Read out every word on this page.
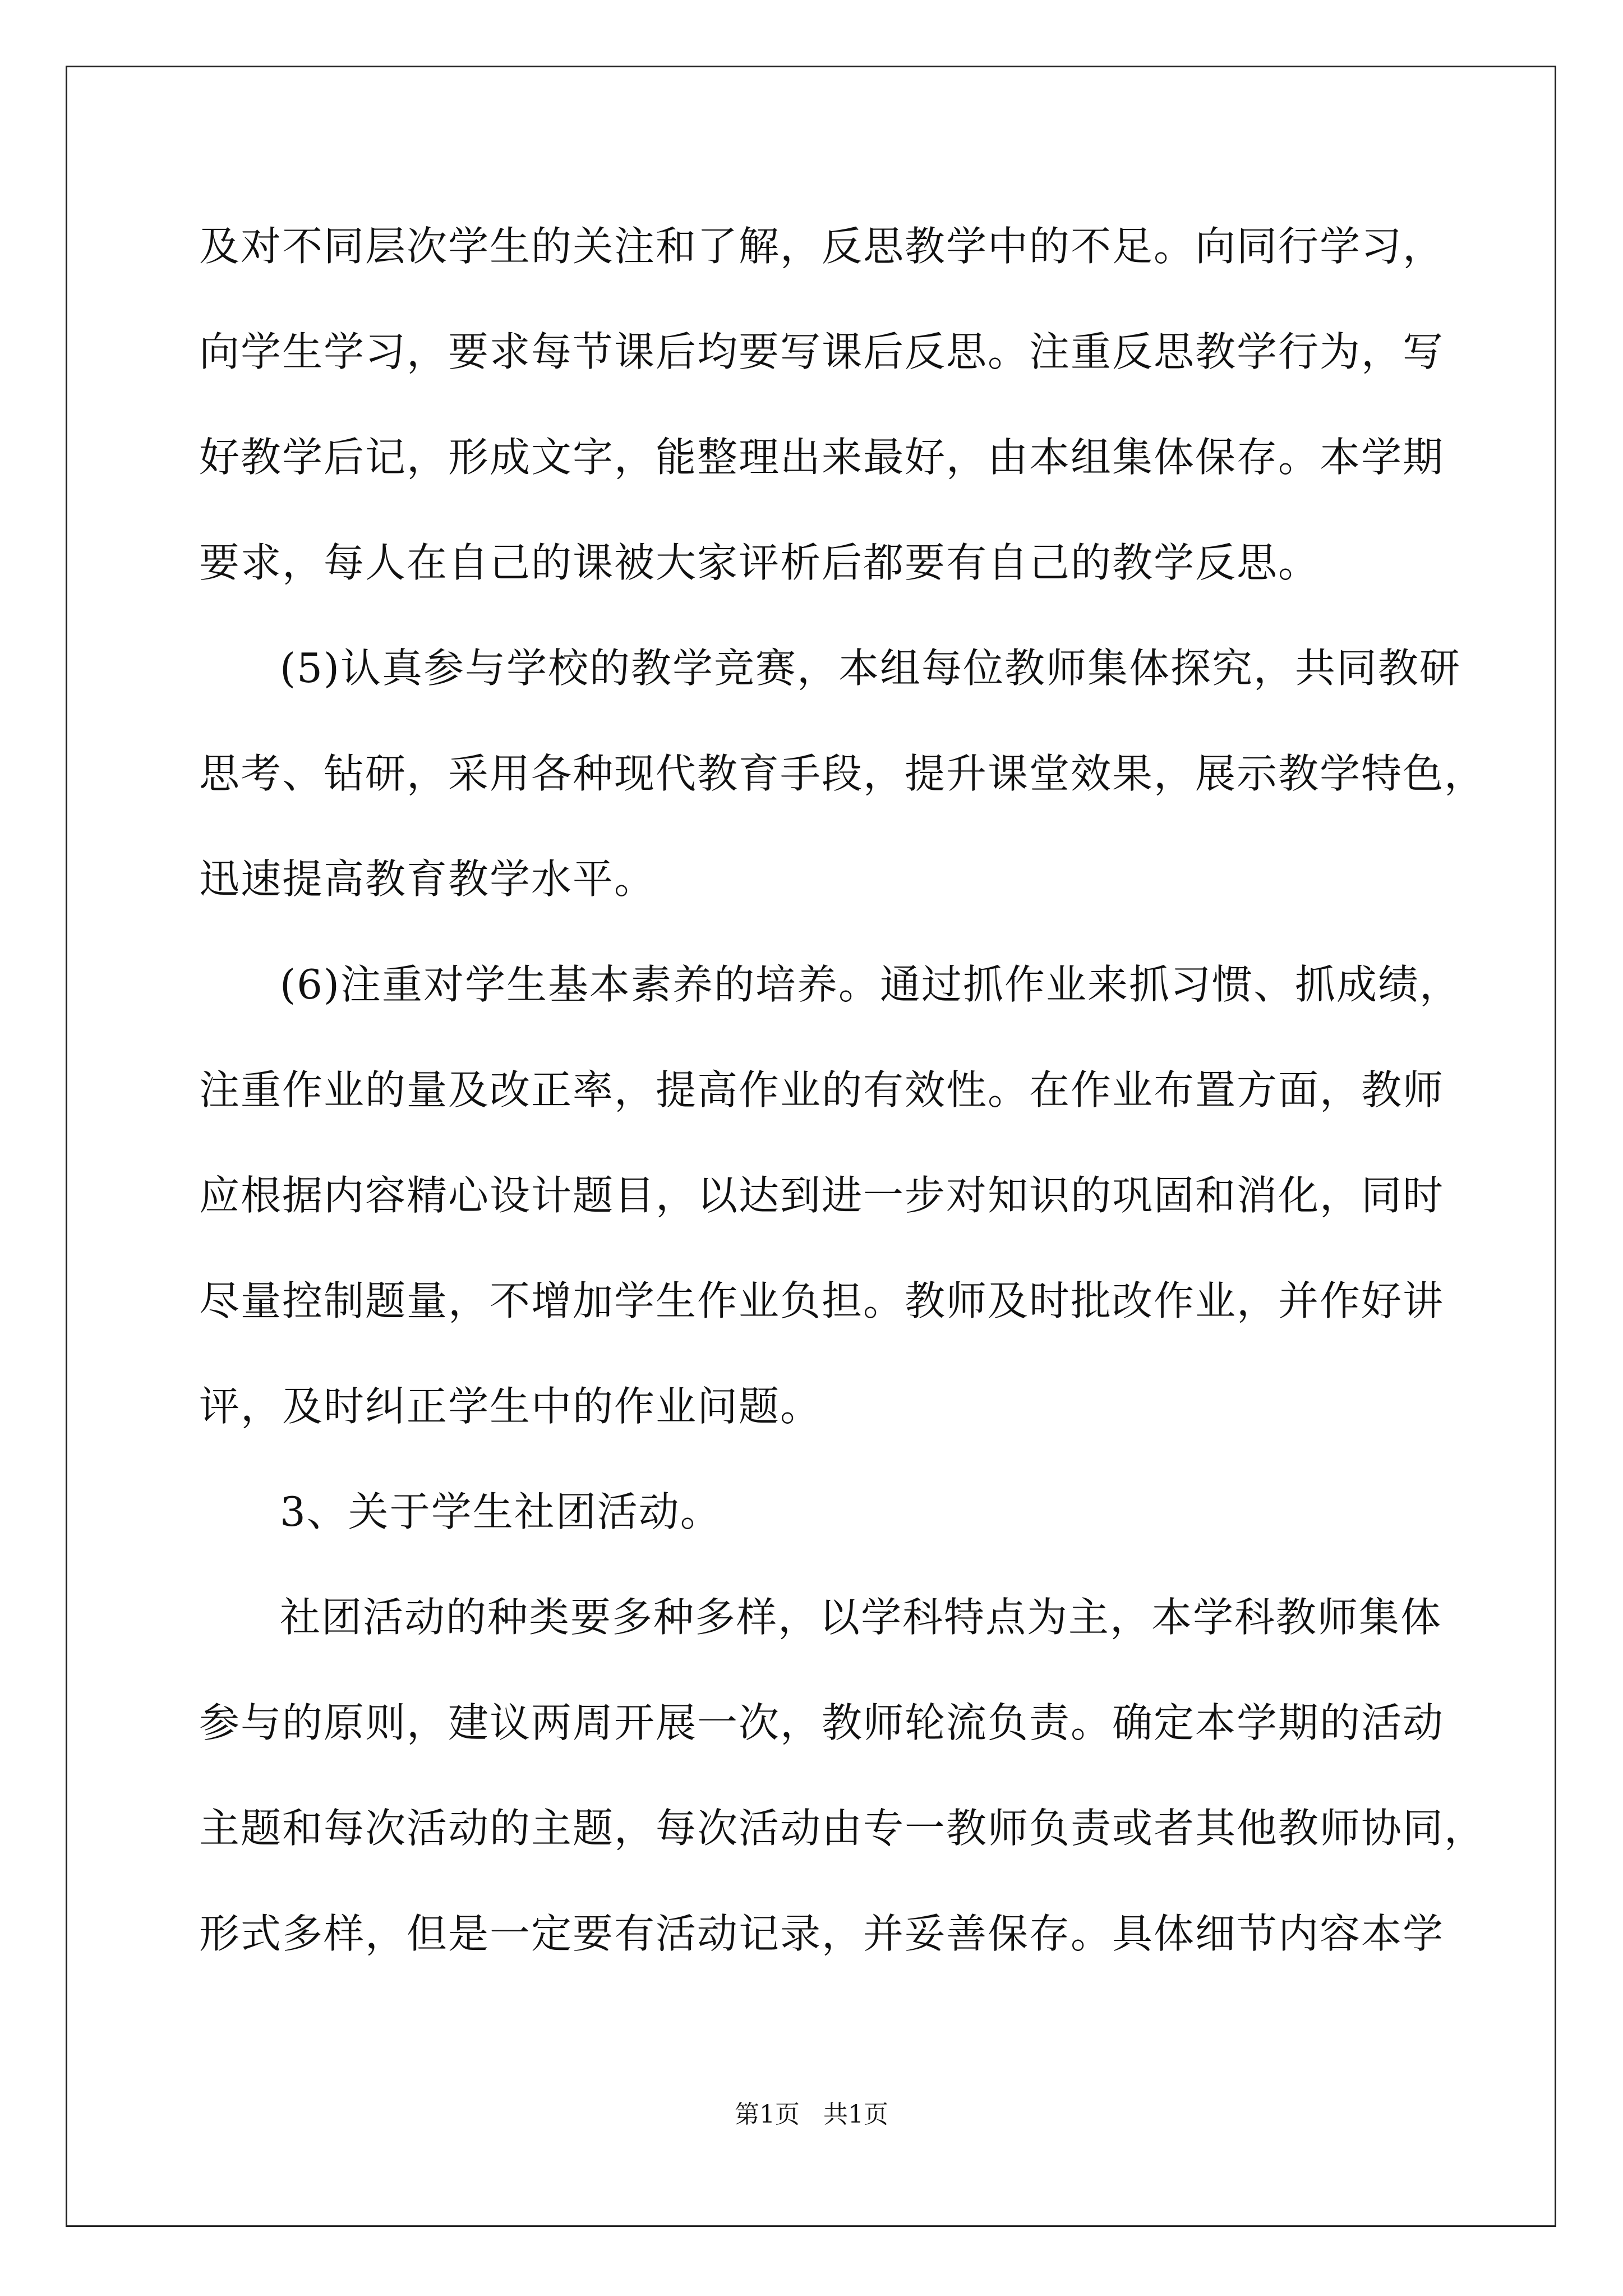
及对不同层次学生的关注和了解，反思教学中的不足。向同行学习，
向学生学习，要求每节课后均要写课后反思。注重反思教学行为，写
好教学后记，形成文字，能整理出来最好，由本组集体保存。本学期
要求，每人在自己的课被大家评析后都要有自己的教学反思。
(5)认真参与学校的教学竞赛，本组每位教师集体探究，共同教研
思考、钻研，采用各种现代教育手段，提升课堂效果，展示教学特色，
迅速提高教育教学水平。
(6)注重对学生基本素养的培养。通过抓作业来抓习惯、抓成绩，
注重作业的量及改正率，提高作业的有效性。在作业布置方面，教师
应根据内容精心设计题目，以达到进一步对知识的巩固和消化，同时
尽量控制题量，不增加学生作业负担。教师及时批改作业，并作好讲
评，及时纠正学生中的作业问题。
3、关于学生社团活动。
社团活动的种类要多种多样，以学科特点为主，本学科教师集体
参与的原则，建议两周开展一次，教师轮流负责。确定本学期的活动
主题和每次活动的主题，每次活动由专一教师负责或者其他教师协同，
形式多样，但是一定要有活动记录，并妥善保存。具体细节内容本学
第1页 共1页
